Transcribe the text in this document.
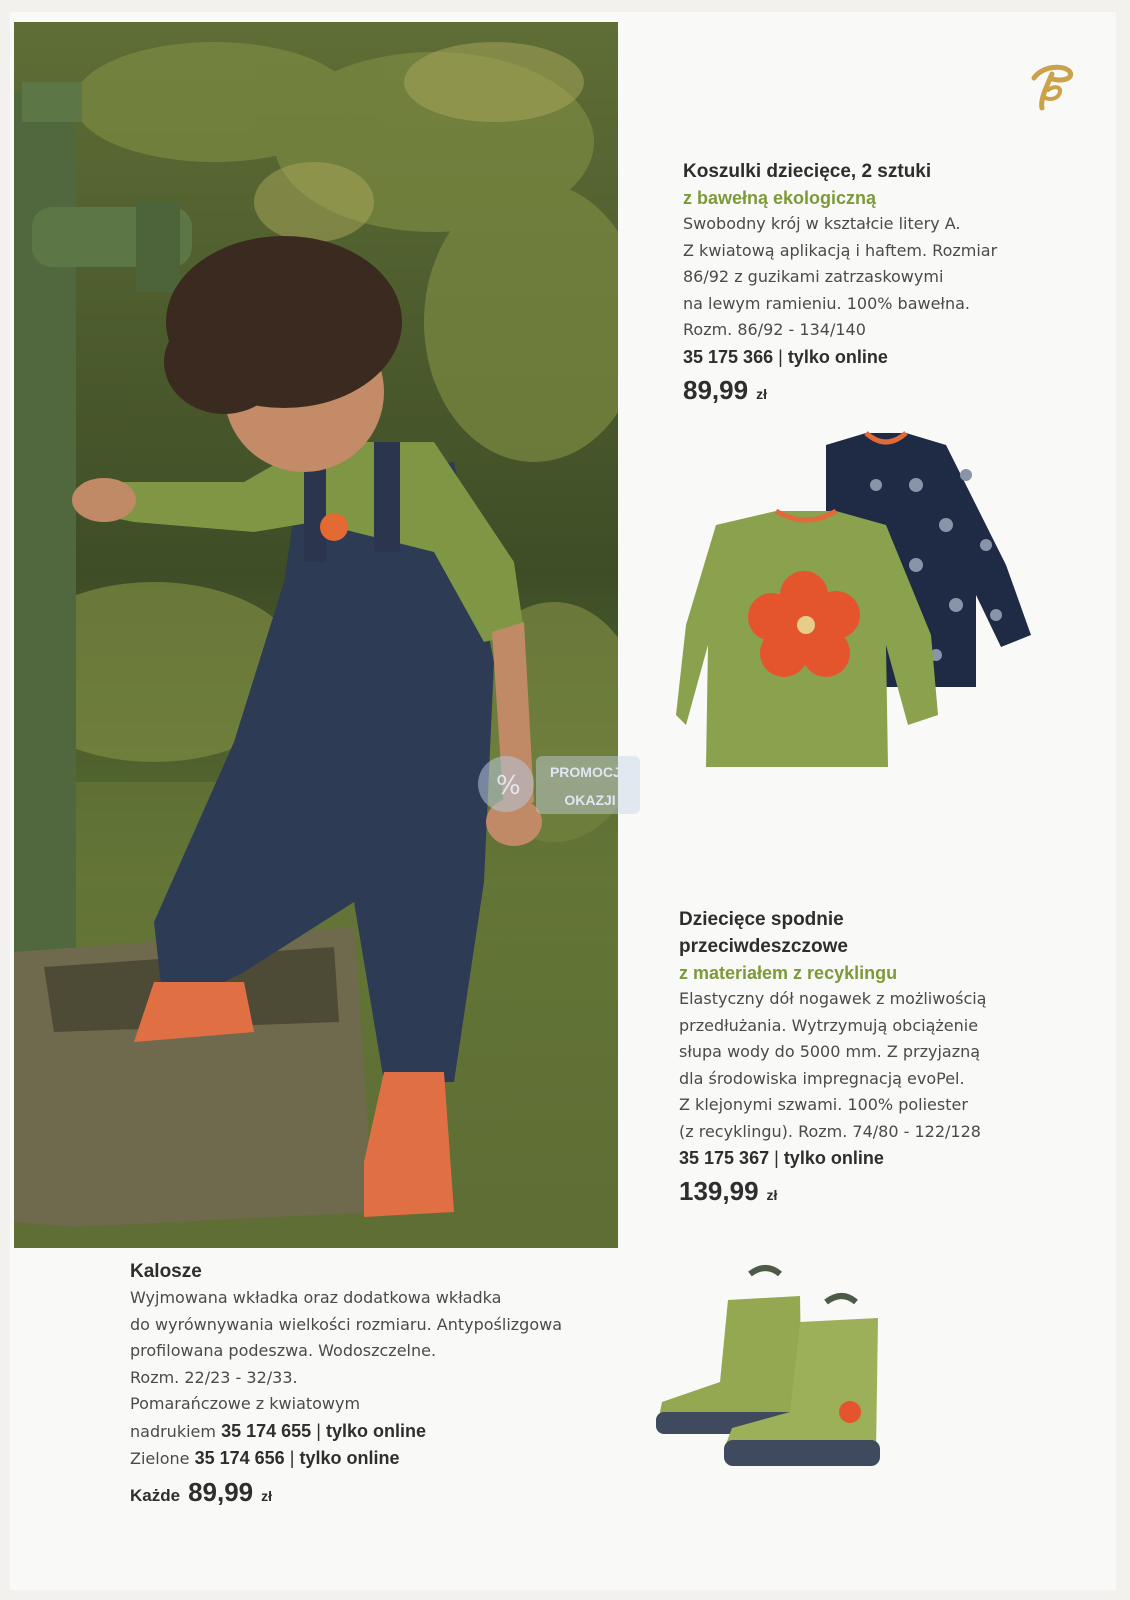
Koszulki dziecięce, 2 sztuki
z bawełną ekologiczną
Swobodny krój w kształcie litery A.
Z kwiatową aplikacją i haftem. Rozmiar
86/92 z guzikami zatrzaskowymi
na lewym ramieniu. 100% bawełna.
Rozm. 86/92 - 134/140
35 175 366 | tylko online
89,99 zł
%	PROMOCJE
OKAZJI
Dziecięce spodnie
przeciwdeszczowe
z materiałem z recyklingu
Elastyczny dół nogawek z możliwością
przedłużania. Wytrzymują obciążenie
słupa wody do 5000 mm. Z przyjazną
dla środowiska impregnacją evoPel.
Z klejonymi szwami. 100% poliester
(z recyklingu). Rozm. 74/80 - 122/128
35 175 367 | tylko online
139,99 zł
Kalosze
Wyjmowana wkładka oraz dodatkowa wkładka
do wyrównywania wielkości rozmiaru. Antypoślizgowa
profilowana podeszwa. Wodoszczelne.
Rozm. 22/23 - 32/33.
Pomarańczowe z kwiatowym
nadrukiem 35 174 655 | tylko online
Zielone 35 174 656 | tylko online
Każde 89,99 zł
